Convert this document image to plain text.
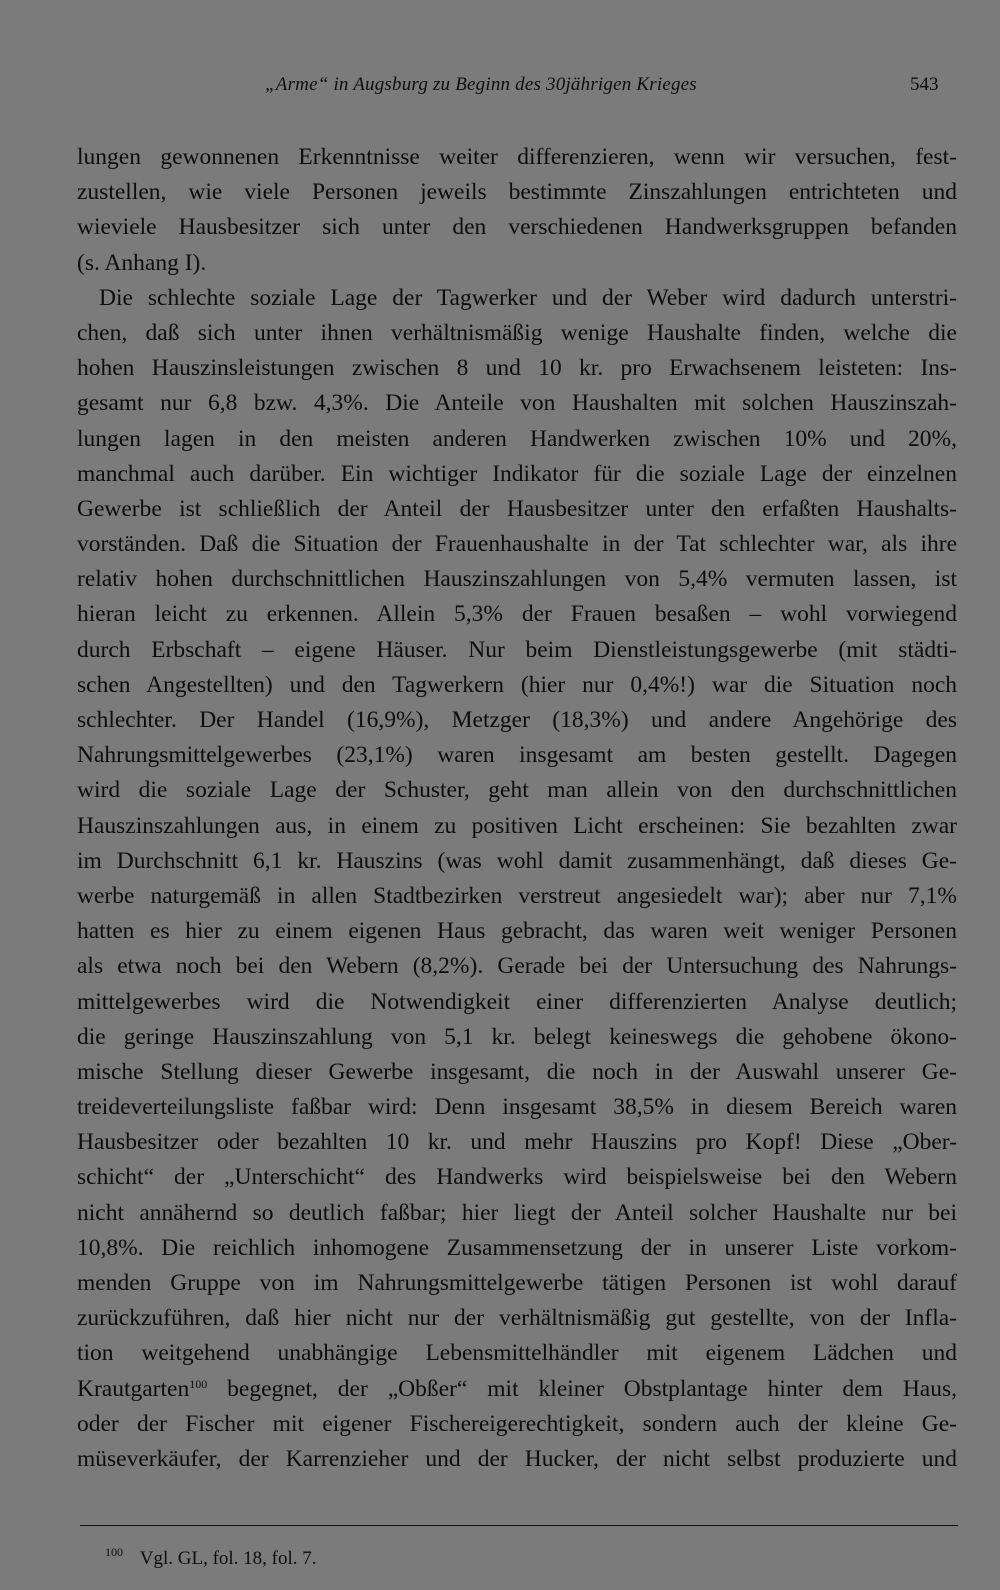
„Arme“ in Augsburg zu Beginn des 30jährigen Krieges	543
lungen gewonnenen Erkenntnisse weiter differenzieren, wenn wir versuchen, fest-
zustellen, wie viele Personen jeweils bestimmte Zinszahlungen entrichteten und
wieviele Hausbesitzer sich unter den verschiedenen Handwerksgruppen befanden
(s. Anhang I).
Die schlechte soziale Lage der Tagwerker und der Weber wird dadurch unterstri-
chen, daß sich unter ihnen verhältnismäßig wenige Haushalte finden, welche die
hohen Hauszinsleistungen zwischen 8 und 10 kr. pro Erwachsenem leisteten: Ins-
gesamt nur 6,8 bzw. 4,3%. Die Anteile von Haushalten mit solchen Hauszinszah-
lungen lagen in den meisten anderen Handwerken zwischen 10% und 20%,
manchmal auch darüber. Ein wichtiger Indikator für die soziale Lage der einzelnen
Gewerbe ist schließlich der Anteil der Hausbesitzer unter den erfaßten Haushalts-
vorständen. Daß die Situation der Frauenhaushalte in der Tat schlechter war, als ihre
relativ hohen durchschnittlichen Hauszinszahlungen von 5,4% vermuten lassen, ist
hieran leicht zu erkennen. Allein 5,3% der Frauen besaßen – wohl vorwiegend
durch Erbschaft – eigene Häuser. Nur beim Dienstleistungsgewerbe (mit städti-
schen Angestellten) und den Tagwerkern (hier nur 0,4%!) war die Situation noch
schlechter. Der Handel (16,9%), Metzger (18,3%) und andere Angehörige des
Nahrungsmittelgewerbes (23,1%) waren insgesamt am besten gestellt. Dagegen
wird die soziale Lage der Schuster, geht man allein von den durchschnittlichen
Hauszinszahlungen aus, in einem zu positiven Licht erscheinen: Sie bezahlten zwar
im Durchschnitt 6,1 kr. Hauszins (was wohl damit zusammenhängt, daß dieses Ge-
werbe naturgemäß in allen Stadtbezirken verstreut angesiedelt war); aber nur 7,1%
hatten es hier zu einem eigenen Haus gebracht, das waren weit weniger Personen
als etwa noch bei den Webern (8,2%). Gerade bei der Untersuchung des Nahrungs-
mittelgewerbes wird die Notwendigkeit einer differenzierten Analyse deutlich;
die geringe Hauszinszahlung von 5,1 kr. belegt keineswegs die gehobene ökono-
mische Stellung dieser Gewerbe insgesamt, die noch in der Auswahl unserer Ge-
treideverteilungsliste faßbar wird: Denn insgesamt 38,5% in diesem Bereich waren
Hausbesitzer oder bezahlten 10 kr. und mehr Hauszins pro Kopf! Diese „Ober-
schicht“ der „Unterschicht“ des Handwerks wird beispielsweise bei den Webern
nicht annähernd so deutlich faßbar; hier liegt der Anteil solcher Haushalte nur bei
10,8%. Die reichlich inhomogene Zusammensetzung der in unserer Liste vorkom-
menden Gruppe von im Nahrungsmittelgewerbe tätigen Personen ist wohl darauf
zurückzuführen, daß hier nicht nur der verhältnismäßig gut gestellte, von der Infla-
tion weitgehend unabhängige Lebensmittelhändler mit eigenem Lädchen und
Krautgarten$^{100}$ begegnet, der „Obßer“ mit kleiner Obstplantage hinter dem Haus,
oder der Fischer mit eigener Fischereigerechtigkeit, sondern auch der kleine Ge-
müseverkäufer, der Karrenzieher und der Hucker, der nicht selbst produzierte und
$^{100}$ Vgl. GL, fol. 18, fol. 7.
